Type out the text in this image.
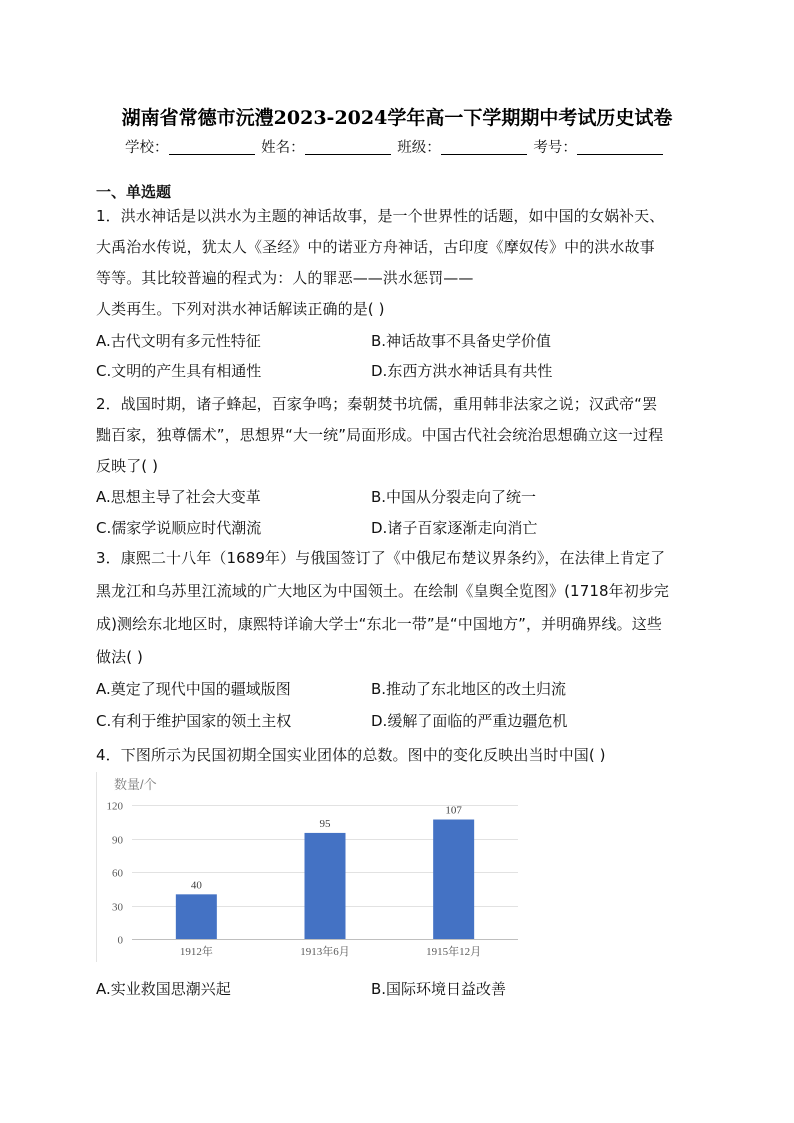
湖南省常德市沅澧2023-2024学年高一下学期期中考试历史试卷
学校：	姓名：	班级：	考号：
一、单选题
1．洪水神话是以洪水为主题的神话故事，是一个世界性的话题，如中国的女娲补天、
大禹治水传说，犹太人《圣经》中的诺亚方舟神话，古印度《摩奴传》中的洪水故事
等等。其比较普遍的程式为：人的罪恶——洪水惩罚——
人类再生。下列对洪水神话解读正确的是( )
A.古代文明有多元性特征	B.神话故事不具备史学价值
C.文明的产生具有相通性	D.东西方洪水神话具有共性
2．战国时期，诸子蜂起，百家争鸣；秦朝焚书坑儒，重用韩非法家之说；汉武帝“罢
黜百家，独尊儒术”，思想界“大一统”局面形成。中国古代社会统治思想确立这一过程
反映了( )
A.思想主导了社会大变革	B.中国从分裂走向了统一
C.儒家学说顺应时代潮流	D.诸子百家逐渐走向消亡
3．康熙二十八年（1689年）与俄国签订了《中俄尼布楚议界条约》，在法律上肯定了
黑龙江和乌苏里江流域的广大地区为中国领土。在绘制《皇舆全览图》(1718年初步完
成)测绘东北地区时，康熙特详谕大学士“东北一带”是“中国地方”，并明确界线。这些
做法( )
A.奠定了现代中国的疆域版图	B.推动了东北地区的改土归流
C.有利于维护国家的领土主权	D.缓解了面临的严重边疆危机
4．下图所示为民国初期全国实业团体的总数。图中的变化反映出当时中国( )
0
30
60
90
120
40
1912年
95
1913年6月
107
1915年12月
数量/个
A.实业救国思潮兴起	B.国际环境日益改善
